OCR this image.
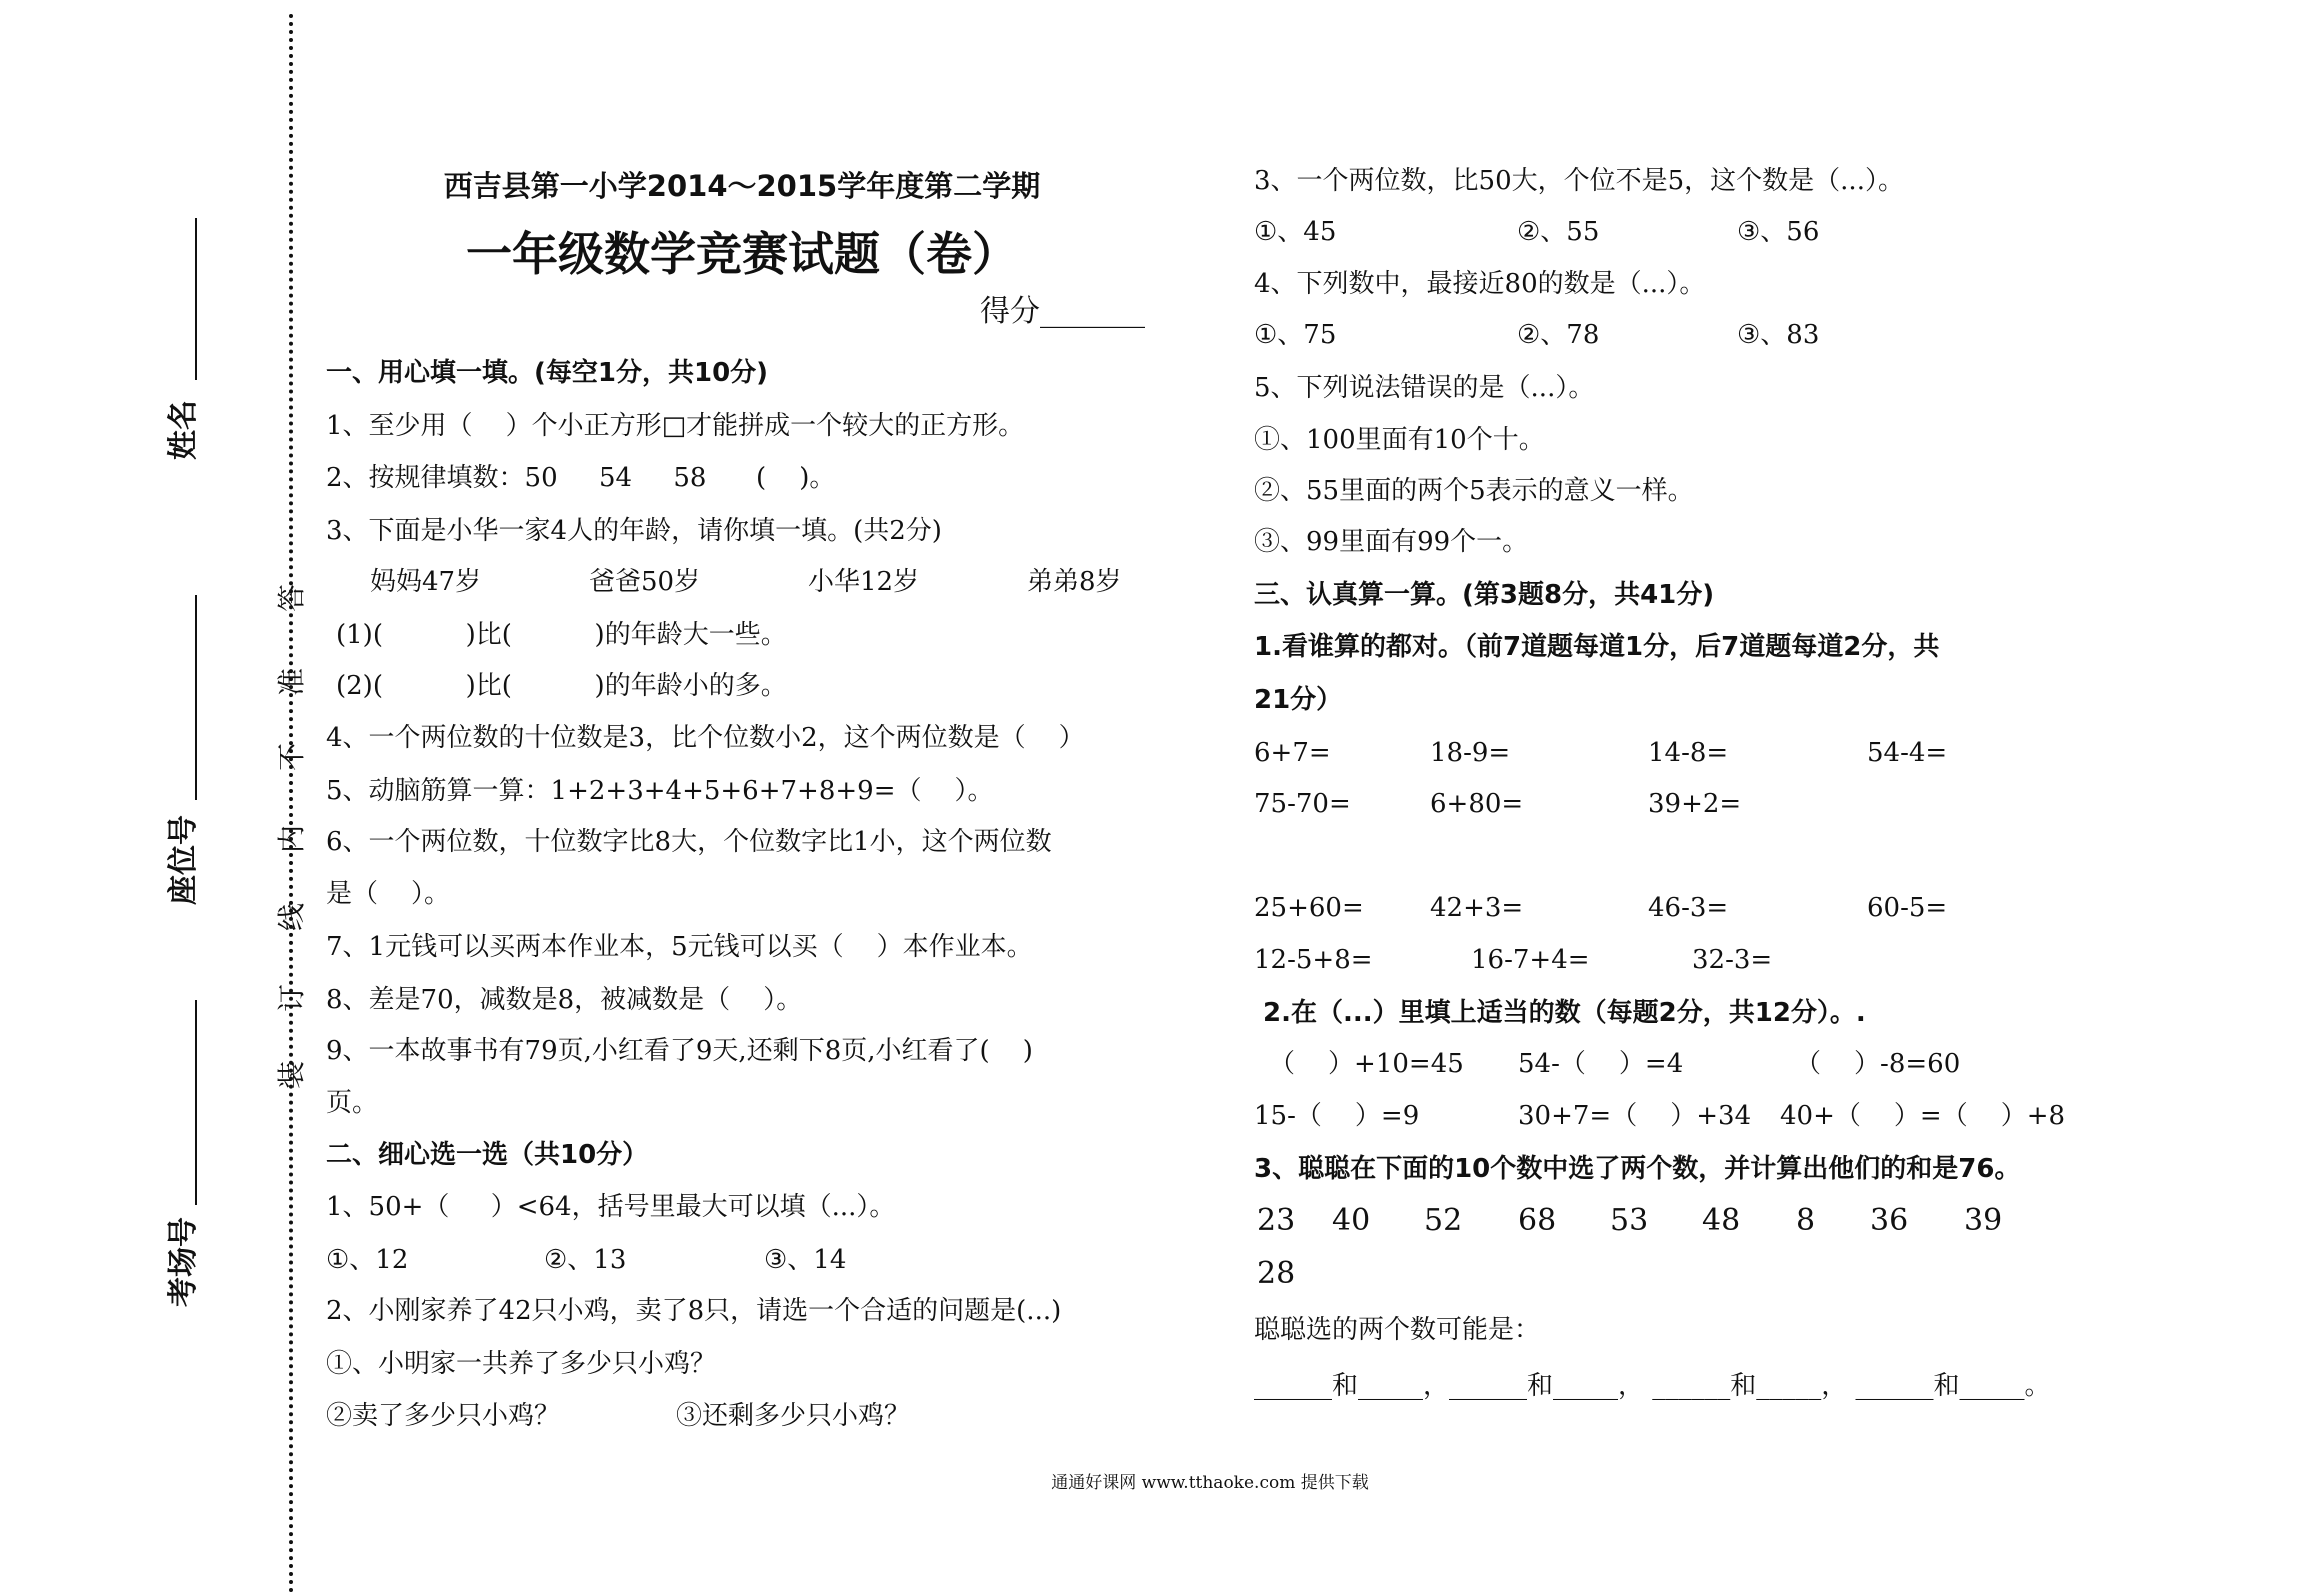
姓名
座位号
考场号
答
准
不
内
线
订
装
西吉县第一小学2014～2015学年度第二学期
一年级数学竞赛试题（卷）
得分_______
一、用心填一填。(每空1分，共10分)
1、至少用（    ）个小正方形□才能拼成一个较大的正方形。
2、按规律填数：50     54     58      (    )。
3、下面是小华一家4人的年龄，请你填一填。(共2分)
妈妈47岁	爸爸50岁	小华12岁	弟弟8岁
(1)(          )比(          )的年龄大一些。
(2)(          )比(          )的年龄小的多。
4、一个两位数的十位数是3，比个位数小2，这个两位数是（    ）
5、动脑筋算一算：1+2+3+4+5+6+7+8+9=（    ）。
6、一个两位数，十位数字比8大，个位数字比1小，这个两位数
是（    ）。
7、1元钱可以买两本作业本，5元钱可以买（    ）本作业本。
8、差是70，减数是8，被减数是（    ）。
9、一本故事书有79页,小红看了9天,还剩下8页,小红看了(    )
页。
二、细心选一选（共10分）
1、50+（     ）<64，括号里最大可以填（...）。
①、12	②、13	③、14
2、小刚家养了42只小鸡，卖了8只，请选一个合适的问题是(...)
①、小明家一共养了多少只小鸡？
②卖了多少只小鸡？	③还剩多少只小鸡？
3、一个两位数，比50大，个位不是5，这个数是（...）。
①、45	②、55	③、56
4、下列数中，最接近80的数是（...）。
①、75	②、78	③、83
5、下列说法错误的是（...）。
①、100里面有10个十。
②、55里面的两个5表示的意义一样。
③、99里面有99个一。
三、认真算一算。(第3题8分，共41分)
1.看谁算的都对。（前7道题每道1分，后7道题每道2分，共
21分）
6+7=	18-9=	14-8=	54-4=
75-70=	6+80=	39+2=
25+60=	42+3=	46-3=	60-5=
12-5+8=	16-7+4=	32-3=
2.在（...）里填上适当的数（每题2分，共12分）。.
（    ）+10=45 54-（    ）=4	（    ）-8=60
15-（    ）=9	30+7=（    ）+34 40+（    ）=（    ）+8
3、聪聪在下面的10个数中选了两个数，并计算出他们的和是76。
23 40 52 68 53 48 8 36 39
28
聪聪选的两个数可能是：
______和_____，______和_____， ______和_____， ______和_____。
通通好课网 www.tthaoke.com 提供下载
